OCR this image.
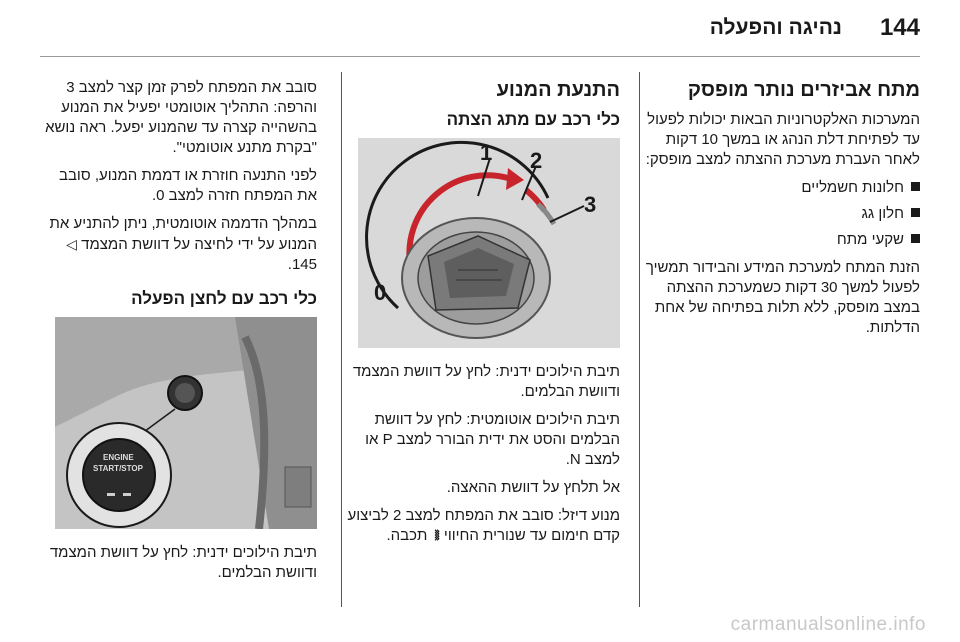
144
נהיגה והפעלה
מתח אביזרים נותר מופסק

המערכות האלקטרוניות הבאות יכולות לפעול עד לפתיחת דלת הנהג או במשך 10 דקות לאחר העברת מערכת ההצתה למצב מופסק:

חלונות חשמליים
חלון גג
שקעי מתח

הזנת המתח למערכת המידע והבידור תמשיך לפעול למשך 30 דקות כשמערכת ההצתה במצב מופסק, ללא תלות בפתיחה של אחת הדלתות.

התנעת המנוע
כלי רכב עם מתג הצתה
1 2
3
0

תיבת הילוכים ידנית: לחץ על דוושת המצמד ודוושת הבלמים.

תיבת הילוכים אוטומטית: לחץ על דוושת הבלמים והסט את ידית הבורר למצב P או למצב N.

אל תלחץ על דוושת ההאצה.

מנוע דיזל: סובב את המפתח למצב 2 לביצוע קדם חימום עד שנורית החיווי ⧛ תכבה.

סובב את המפתח לפרק זמן קצר למצב 3 והרפה: התהליך אוטומטי יפעיל את המנוע בהשהייה קצרה עד שהמנוע יפעל. ראה נושא "בקרת מתנע אוטומטי".

לפני התנעה חוזרת או דממת המנוע, סובב את המפתח חזרה למצב 0.

במהלך הדממה אוטומטית, ניתן להתניע את המנוע על ידי לחיצה על דוושת המצמד ◁ 145.

כלי רכב עם לחצן הפעלה
ENGINE
START/STOP

תיבת הילוכים ידנית: לחץ על דוושת המצמד ודוושת הבלמים.

carmanualsonline.info
